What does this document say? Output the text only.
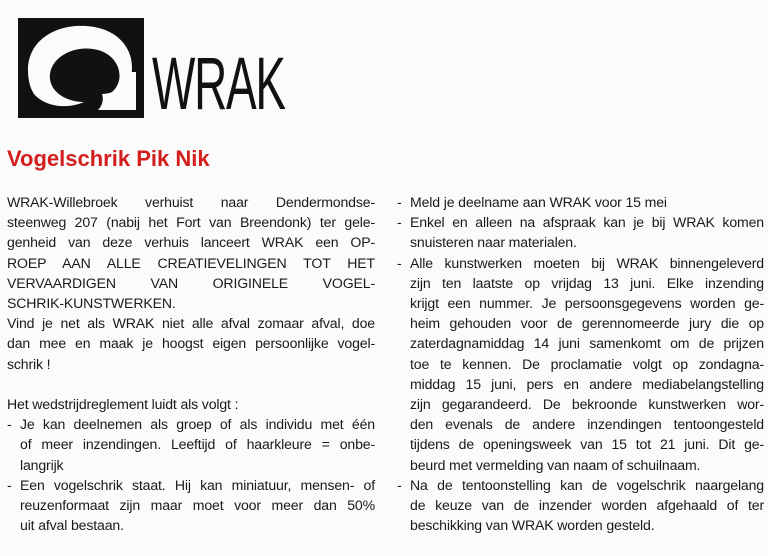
WRAK
Vogelschrik Pik Nik
WRAK-Willebroek verhuist naar Dendermondse-
steenweg 207 (nabij het Fort van Breendonk) ter gele-
genheid van deze verhuis lanceert WRAK een OP-
ROEP AAN ALLE CREATIEVELINGEN TOT HET
VERVAARDIGEN VAN ORIGINELE VOGEL-
SCHRIK-KUNSTWERKEN.
Vind je net als WRAK niet alle afval zomaar afval, doe
dan mee en maak je hoogst eigen persoonlijke vogel-
schrik !
Het wedstrijdreglement luidt als volgt :
- Je kan deelnemen als groep of als individu met één
of meer inzendingen. Leeftijd of haarkleure = onbe-
langrijk
- Een vogelschrik staat. Hij kan miniatuur, mensen- of
reuzenformaat zijn maar moet voor meer dan 50%
uit afval bestaan.
- Meld je deelname aan WRAK voor 15 mei
- Enkel en alleen na afspraak kan je bij WRAK komen
snuisteren naar materialen.
- Alle kunstwerken moeten bij WRAK binnengeleverd
zijn ten laatste op vrijdag 13 juni. Elke inzending
krijgt een nummer. Je persoonsgegevens worden ge-
heim gehouden voor de gerennomeerde jury die op
zaterdagnamiddag 14 juni samenkomt om de prijzen
toe te kennen. De proclamatie volgt op zondagna-
middag 15 juni, pers en andere mediabelangstelling
zijn gegarandeerd. De bekroonde kunstwerken wor-
den evenals de andere inzendingen tentoongesteld
tijdens de openingsweek van 15 tot 21 juni. Dit ge-
beurd met vermelding van naam of schuilnaam.
- Na de tentoonstelling kan de vogelschrik naargelang
de keuze van de inzender worden afgehaald of ter
beschikking van WRAK worden gesteld.
